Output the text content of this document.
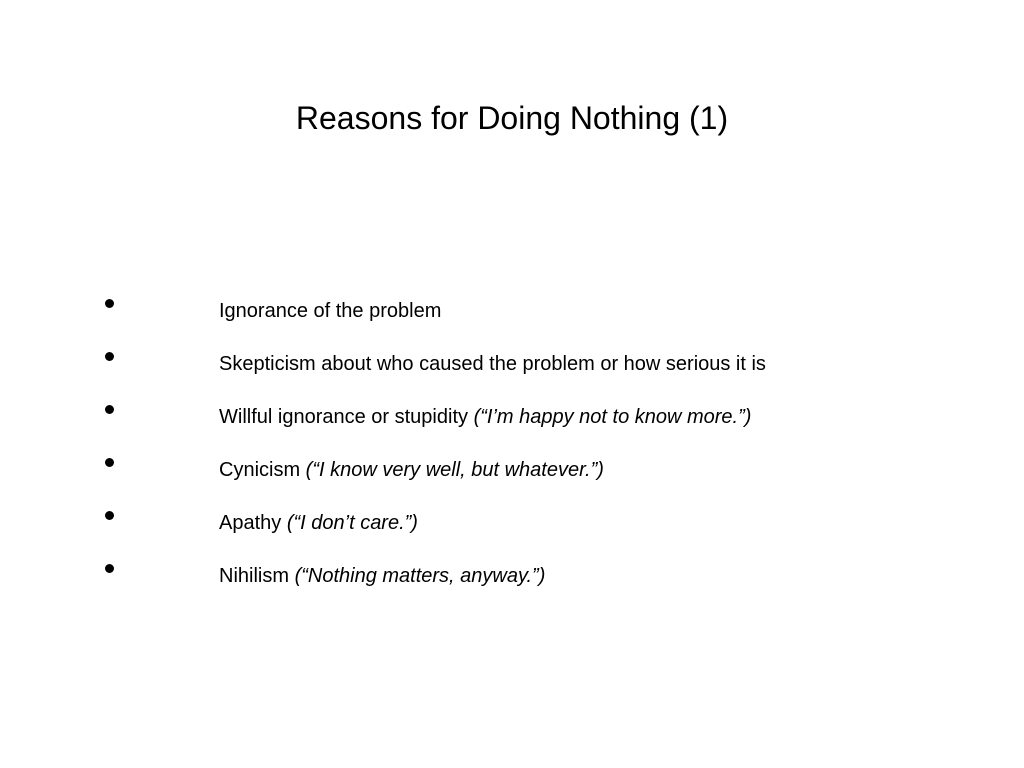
Reasons for Doing Nothing (1)
Ignorance of the problem
Skepticism about who caused the problem or how serious it is
Willful ignorance or stupidity (“I’m happy not to know more.”)
Cynicism (“I know very well, but whatever.”)
Apathy (“I don’t care.”)
Nihilism (“Nothing matters, anyway.”)
